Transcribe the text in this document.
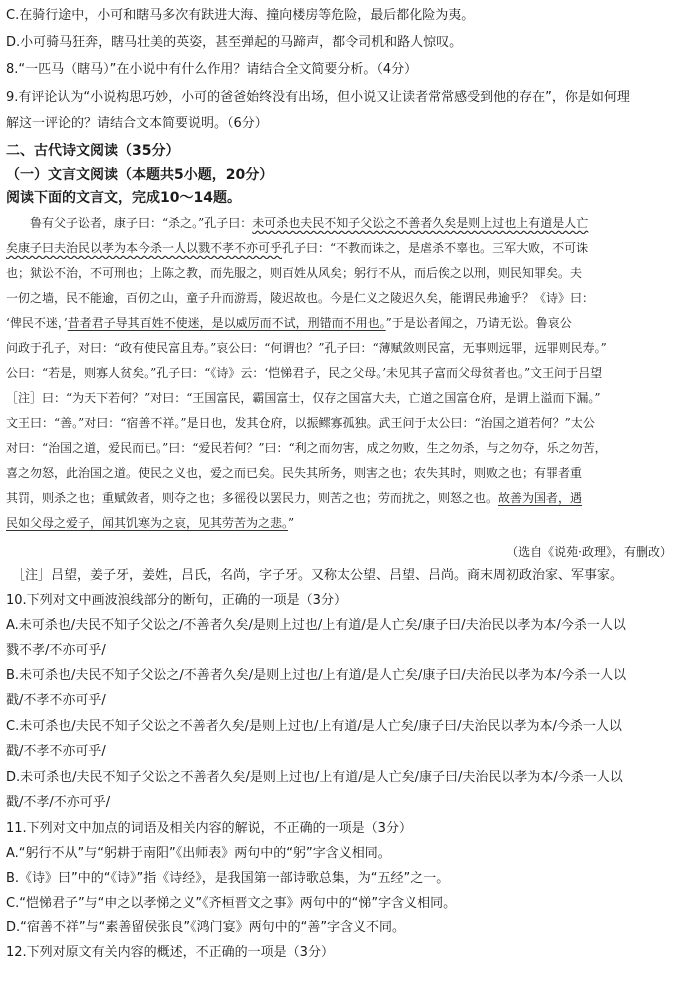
C.在骑行途中，小可和瞎马多次有趺进大海、撞向楼房等危险，最后都化险为夷。
D.小可骑马狂奔，瞎马壮美的英姿，甚至弹起的马蹄声，都令司机和路人惊叹。
8.“一匹马（瞎马）”在小说中有什么作用？请结合全文简要分析。（4分）
9.有评论认为“小说构思巧妙，小可的爸爸始终没有出场，但小说又让读者常常感受到他的存在”，你是如何理
解这一评论的？请结合文本简要说明。（6分）
二、古代诗文阅读（35分）
（一）文言文阅读（本题共5小题，20分）
阅读下面的文言文，完成10～14题。
鲁有父子讼者，康子曰：“杀之。”孔子曰：未可杀也夫民不知子父讼之不善者久矣是则上过也上有道是人亡
矣康子曰夫治民以孝为本今杀一人以戮不孝不亦可乎孔子曰：“不教而诛之，是虐杀不辜也。三军大败，不可诛
也；狱讼不治，不可刑也；上陈之教，而先服之，则百姓从风矣；躬行不从，而后俟之以刑，则民知罪矣。夫
一仞之墙，民不能逾，百仞之山，童子升而游焉，陵迟故也。今是仁义之陵迟久矣，能谓民弗逾乎？《诗》曰：
‘俾民不迷，’昔者君子导其百姓不使迷，是以威厉而不试，刑错而不用也。”于是讼者闻之，乃请无讼。鲁哀公
问政于孔子，对曰：“政有使民富且寿。”哀公曰：“何谓也？”孔子曰：“薄赋敛则民富，无事则远罪，远罪则民寿。”
公曰：“若是，则寡人贫矣。”孔子曰：“《诗》云：‘恺悌君子，民之父母。’未见其子富而父母贫者也。”文王问于吕望
［注］曰：“为天下若何？”对曰：“王国富民，霸国富士，仅存之国富大夫，亡道之国富仓府，是谓上溢而下漏。”
文王曰：“善。”对曰：“宿善不祥。”是日也，发其仓府，以振鳏寡孤独。武王问于太公曰：“治国之道若何？”太公
对曰：“治国之道，爱民而已。”曰：“爱民若何？”曰：“利之而勿害，成之勿败，生之勿杀，与之勿夺，乐之勿苦，
喜之勿怒，此治国之道。使民之义也，爱之而已矣。民失其所务，则害之也；农失其时，则败之也；有罪者重
其罚，则杀之也；重赋敛者，则夺之也；多徭役以罢民力，则苦之也；劳而扰之，则怒之也。故善为国者，遇
民如父母之爱子，闻其饥寒为之哀，见其劳苦为之悲。”
（选自《说苑·政理》，有删改）
［注］吕望，姜子牙，姜姓，吕氏，名尚，字子牙。又称太公望、吕望、吕尚。商末周初政治家、军事家。
10.下列对文中画波浪线部分的断句，正确的一项是（3分）
A.未可杀也/夫民不知子父讼之/不善者久矣/是则上过也/上有道/是人亡矣/康子曰/夫治民以孝为本/今杀一人以
戮不孝/不亦可乎/
B.未可杀也/夫民不知子父讼之/不善者久矣/是则上过也/上有道/是人亡矣/康子曰/夫治民以孝为本/今杀一人以
戳/不孝不亦可乎/
C.未可杀也/夫民不知子父讼之不善者久矣/是则上过也/上有道/是人亡矣/康子曰/夫治民以孝为本/今杀一人以
戳/不孝不亦可乎/
D.未可杀也/夫民不知子父讼之不善者久矣/是则上过也/上有道/是人亡矣/康子曰/夫治民以孝为本/今杀一人以
戳/不孝/不亦可乎/
11.下列对文中加点的词语及相关内容的解说，不正确的一项是（3分）
A.“躬行不从”与“躬耕于南阳”《出师表》两句中的“躬”字含义相同。
B.《诗》曰”中的“《诗》”指《诗经》，是我国第一部诗歌总集，为“五经”之一。
C.“恺悌君子”与“申之以孝悌之义”《齐桓晋文之事》两句中的“悌”字含义相同。
D.“宿善不祥”与“素善留侯张良”《鸿门宴》两句中的“善”字含义不同。
12.下列对原文有关内容的概述，不正确的一项是（3分）
